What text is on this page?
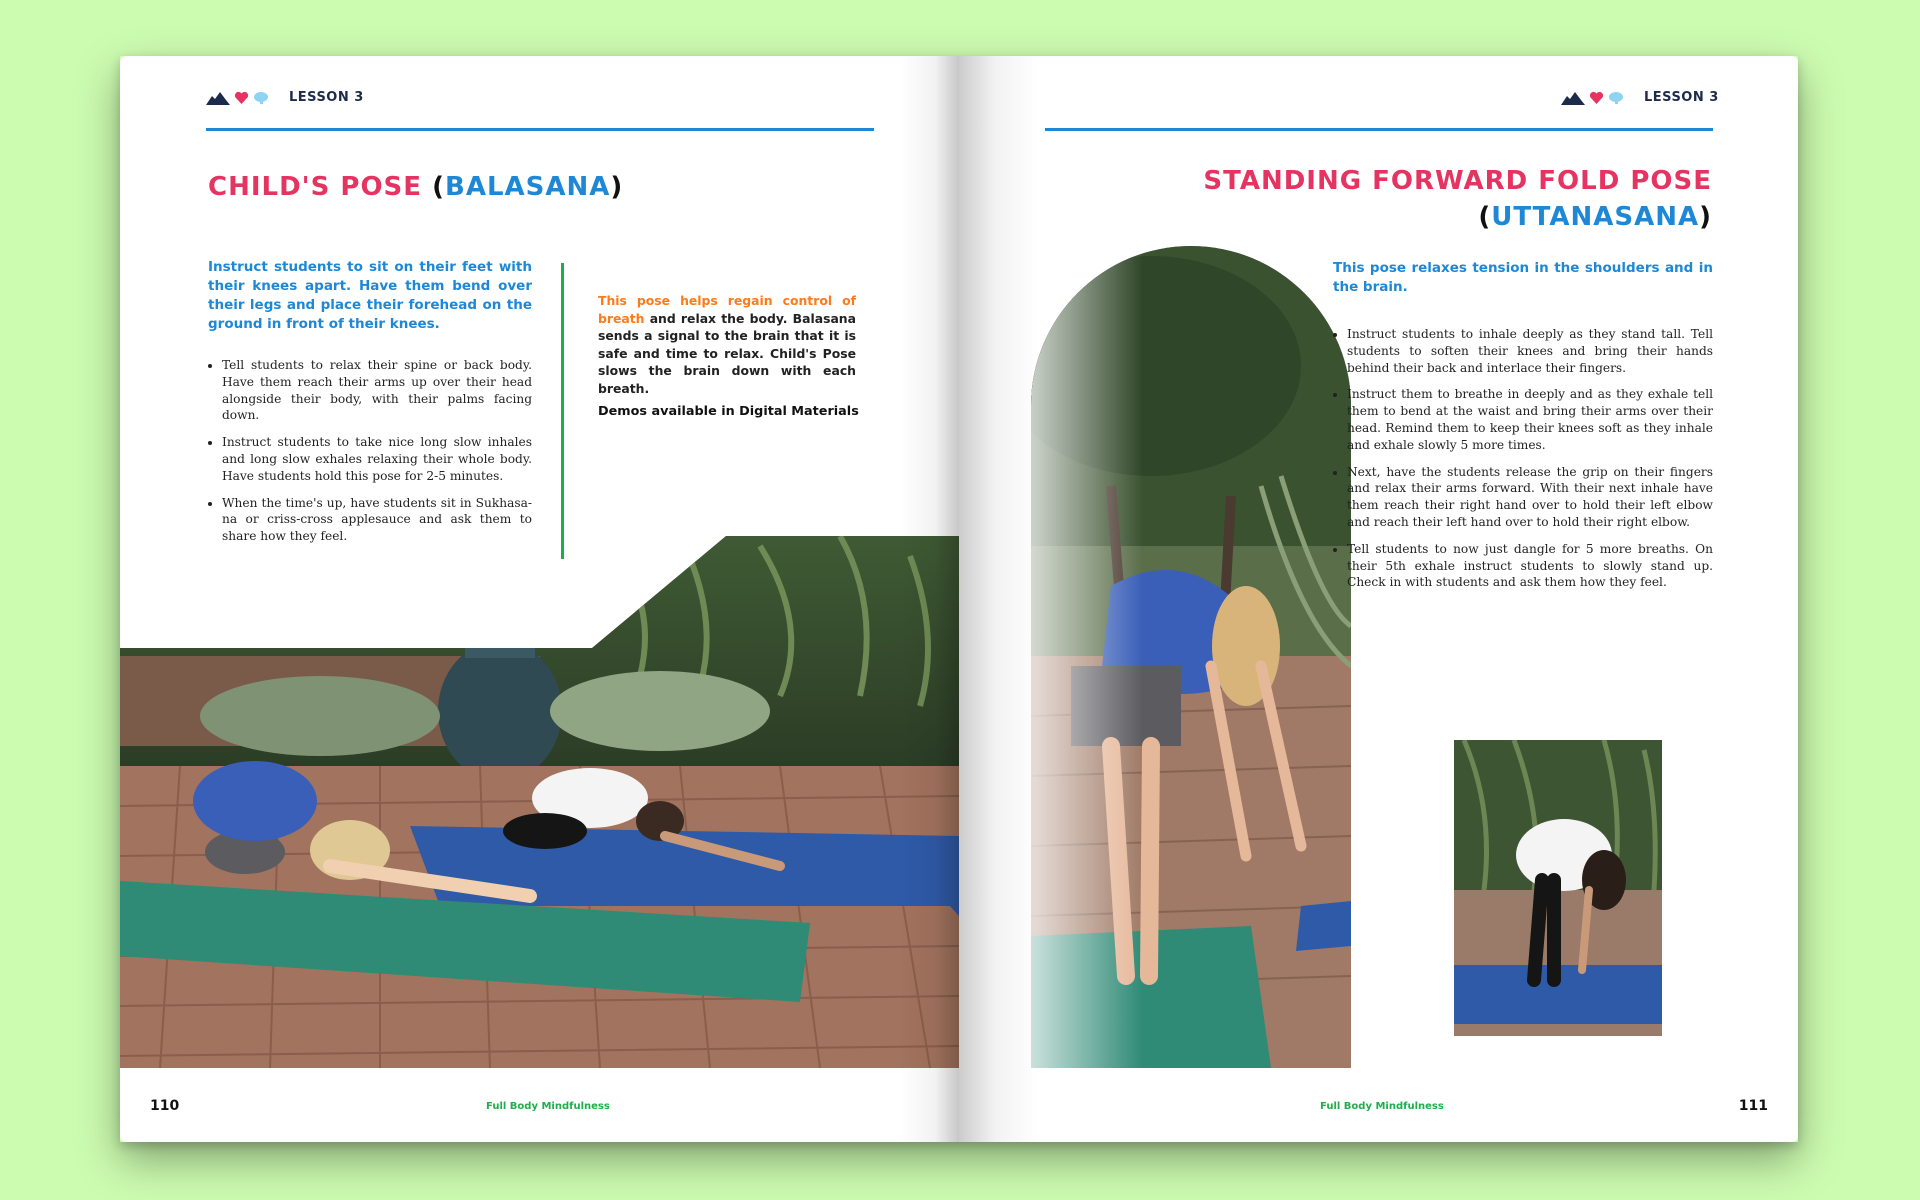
LESSON 3
CHILD'S POSE (BALASANA)
Instruct students to sit on their feet with their knees apart. Have them bend over their legs and place their forehead on the ground in front of their knees.
• Tell students to relax their spine or back body. Have them reach their arms up over their head alongside their body, with their palms facing down.
• Instruct students to take nice long slow inhales and long slow exhales relaxing their whole body. Have students hold this pose for 2-5 minutes.
• When the time's up, have students sit in Sukhasa-na or criss-cross applesauce and ask them to share how they feel.
This pose helps regain control of breath and relax the body. Balasana sends a signal to the brain that it is safe and time to relax. Child's Pose slows the brain down with each breath.
Demos available in Digital Materials
110	Full Body Mindfulness
LESSON 3
STANDING FORWARD FOLD POSE
(UTTANASANA)
This pose relaxes tension in the shoulders and in the brain.
• Instruct students to inhale deeply as they stand tall. Tell students to soften their knees and bring their hands behind their back and interlace their fingers.
• Instruct them to breathe in deeply and as they exhale tell them to bend at the waist and bring their arms over their head. Remind them to keep their knees soft as they inhale and exhale slowly 5 more times.
• Next, have the students release the grip on their fingers and relax their arms forward. With their next inhale have them reach their right hand over to hold their left elbow and reach their left hand over to hold their right elbow.
• Tell students to now just dangle for 5 more breaths. On their 5th exhale instruct students to slowly stand up. Check in with students and ask them how they feel.
Full Body Mindfulness	111
